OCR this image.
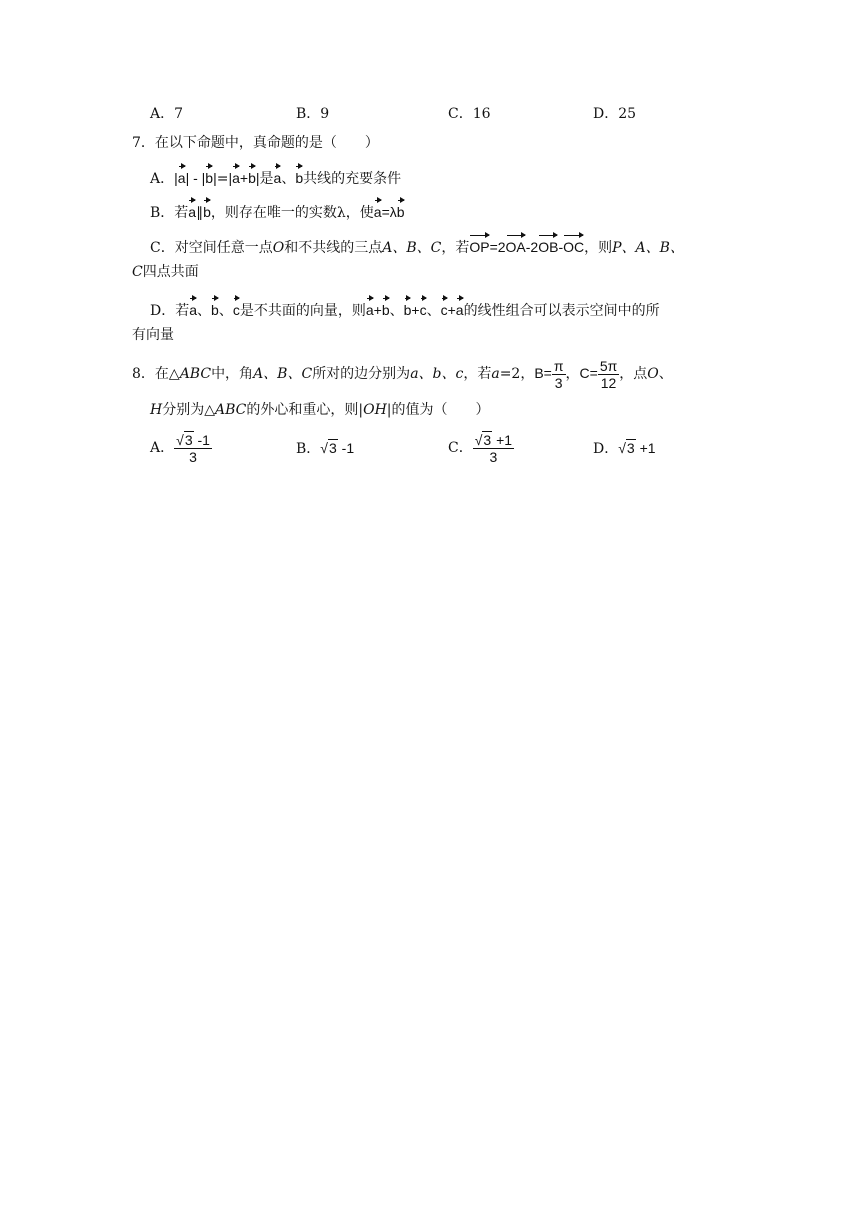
A．7	B．9	C．16	D．25
7．在以下命题中，真命题的是（　　）
A．|a| - |b|=|a+b|是a、b共线的充要条件
B．若a∥b，则存在唯一的实数λ，使a=λb
C．对空间任意一点O和不共线的三点A、B、C，若OP=2OA-2OB-OC，则P、A、B、
C四点共面
D．若a、b、c是不共面的向量，则a+b、b+c、c+a的线性组合可以表示空间中的所
有向量
8．在△ABC中，角A、B、C所对的边分别为a、b、c，若a=2，$B= \frac{\pi}{3}$ ，$C= \frac{5\pi}{12}$ ，点O、
H分别为△ABC的外心和重心，则|OH|的值为（　　）
A． $\frac{√3 -1}{3}$	B．√3 -1	C． $\frac{√3 +1}{3}$	D．√3 +1
